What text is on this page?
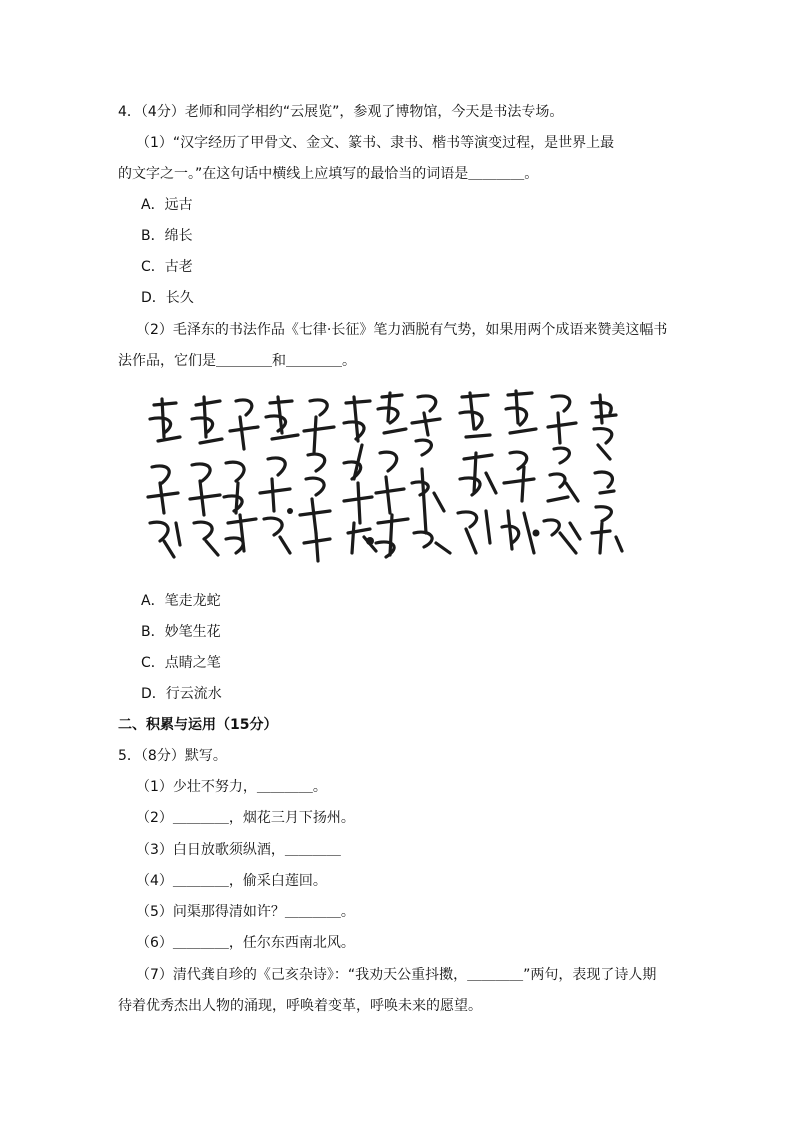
4．（4分）老师和同学相约“云展览”，参观了博物馆，今天是书法专场。
（1）“汉字经历了甲骨文、金文、篆书、隶书、楷书等演变过程，是世界上最
的文字之一。”在这句话中横线上应填写的最恰当的词语是＿＿＿＿。
A．远古
B．绵长
C．古老
D．长久
（2）毛泽东的书法作品《七律·长征》笔力洒脱有气势，如果用两个成语来赞美这幅书
法作品，它们是＿＿＿＿和＿＿＿＿。
A．笔走龙蛇
B．妙笔生花
C．点睛之笔
D．行云流水
二、积累与运用（15分）
5．（8分）默写。
（1）少壮不努力，＿＿＿＿。
（2）＿＿＿＿，烟花三月下扬州。
（3）白日放歌须纵酒，＿＿＿＿
（4）＿＿＿＿，偷采白莲回。
（5）问渠那得清如许？＿＿＿＿。
（6）＿＿＿＿，任尔东西南北风。
（7）清代龚自珍的《己亥杂诗》：“我劝天公重抖擞，＿＿＿＿”两句，表现了诗人期
待着优秀杰出人物的涌现，呼唤着变革，呼唤未来的愿望。
